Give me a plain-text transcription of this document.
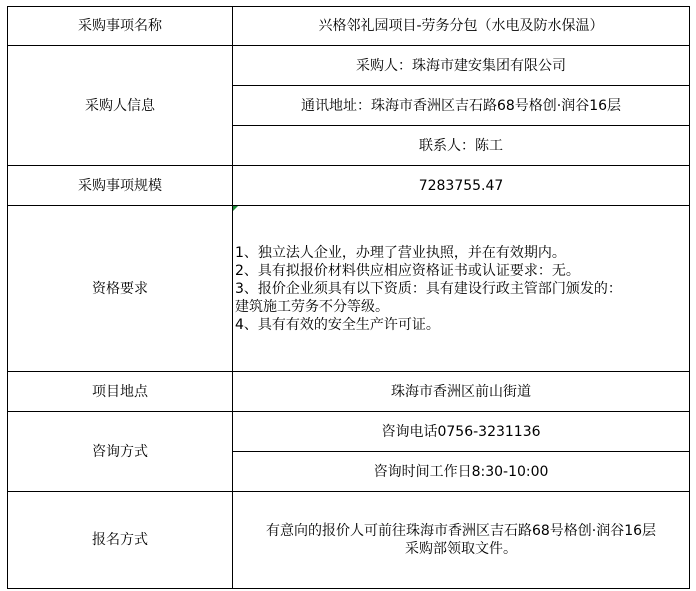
采购事项名称	兴格邻礼园项目-劳务分包（水电及防水保温）
采购人信息	采购人：珠海市建安集团有限公司
	通讯地址：珠海市香洲区吉石路68号格创·润谷16层
	联系人：陈工
采购事项规模	7283755.47
资格要求	1、独立法人企业，办理了营业执照，并在有效期内。
2、具有拟报价材料供应相应资格证书或认证要求：无。
3、报价企业须具有以下资质：具有建设行政主管部门颁发的：
建筑施工劳务不分等级。
4、具有有效的安全生产许可证。

项目地点	珠海市香洲区前山街道
咨询方式	咨询电话0756-3231136
	咨询时间工作日8:30-10:00
报名方式	有意向的报价人可前往珠海市香洲区吉石路68号格创·润谷16层
采购部领取文件。
